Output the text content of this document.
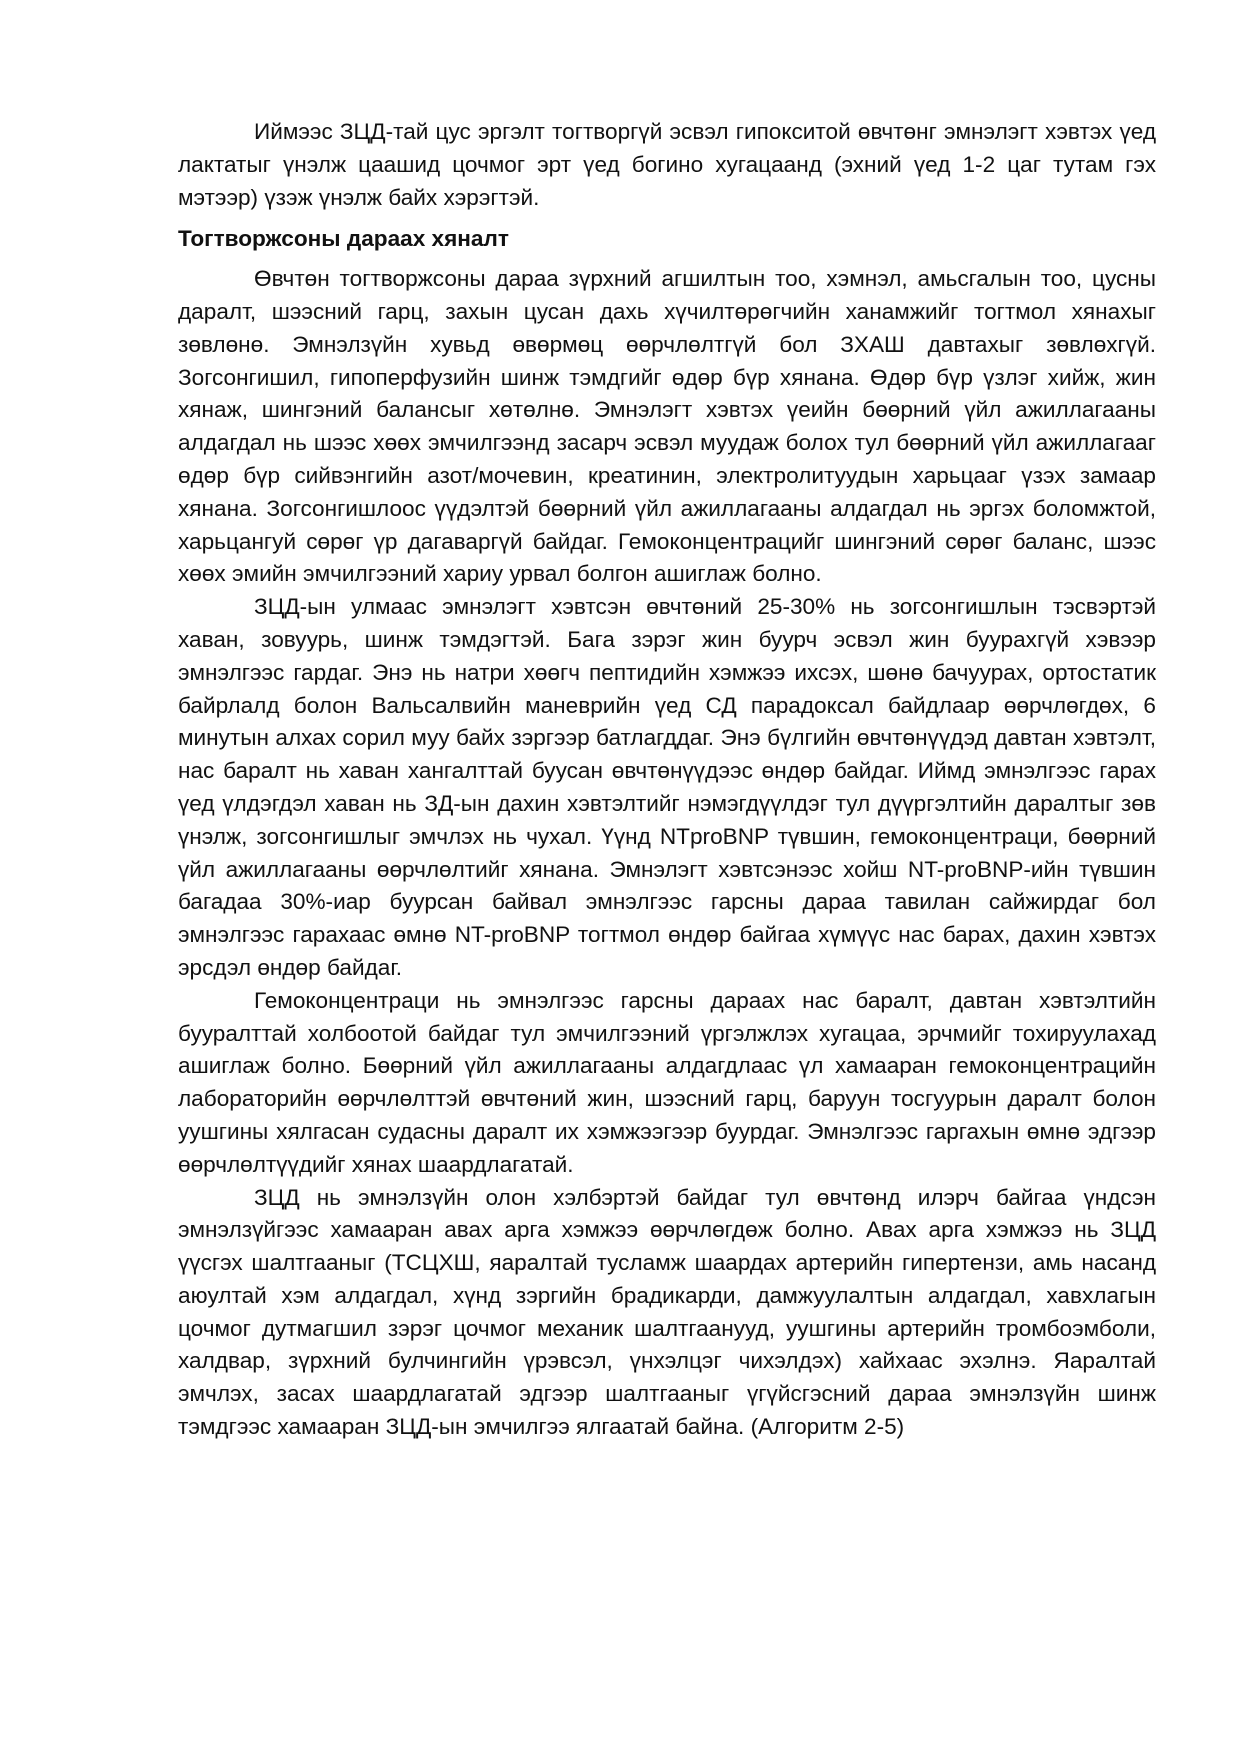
Иймээс ЗЦД-тай цус эргэлт тогтворгүй эсвэл гипокситой өвчтөнг эмнэлэгт хэвтэх үед лактатыг үнэлж цаашид цочмог эрт үед богино хугацаанд (эхний үед 1-2 цаг тутам гэх мэтээр) үзэж үнэлж байх хэрэгтэй.

Тогтворжсоны дараах хяналт

Өвчтөн тогтворжсоны дараа зүрхний агшилтын тоо, хэмнэл, амьсгалын тоо, цусны даралт, шээсний гарц, захын цусан дахь хүчилтөрөгчийн ханамжийг тогтмол хянахыг зөвлөнө. Эмнэлзүйн хувьд өвөрмөц өөрчлөлтгүй бол ЗХАШ давтахыг зөвлөхгүй. Зогсонгишил, гипоперфузийн шинж тэмдгийг өдөр бүр хянана. Өдөр бүр үзлэг хийж, жин хянаж, шингэний балансыг хөтөлнө. Эмнэлэгт хэвтэх үеийн бөөрний үйл ажиллагааны алдагдал нь шээс хөөх эмчилгээнд засарч эсвэл муудаж болох тул бөөрний үйл ажиллагааг өдөр бүр сийвэнгийн азот/мочевин, креатинин, электролитуудын харьцааг үзэх замаар хянана. Зогсонгишлоос үүдэлтэй бөөрний үйл ажиллагааны алдагдал нь эргэх боломжтой, харьцангуй сөрөг үр дагаваргүй байдаг. Гемоконцентрацийг шингэний сөрөг баланс, шээс хөөх эмийн эмчилгээний хариу урвал болгон ашиглаж болно.

ЗЦД-ын улмаас эмнэлэгт хэвтсэн өвчтөний 25-30% нь зогсонгишлын тэсвэртэй хаван, зовуурь, шинж тэмдэгтэй. Бага зэрэг жин буурч эсвэл жин буурахгүй хэвээр эмнэлгээс гардаг. Энэ нь натри хөөгч пептидийн хэмжээ ихсэх, шөнө бачуурах, ортостатик байрлалд болон Вальсалвийн маневрийн үед СД парадоксал байдлаар өөрчлөгдөх, 6 минутын алхах сорил муу байх зэргээр батлагддаг. Энэ бүлгийн өвчтөнүүдэд давтан хэвтэлт, нас баралт нь хаван хангалттай буусан өвчтөнүүдээс өндөр байдаг. Иймд эмнэлгээс гарах үед үлдэгдэл хаван нь ЗД-ын дахин хэвтэлтийг нэмэгдүүлдэг тул дүүргэлтийн даралтыг зөв үнэлж, зогсонгишлыг эмчлэх нь чухал. Үүнд NTproBNP түвшин, гемоконцентраци, бөөрний үйл ажиллагааны өөрчлөлтийг хянана. Эмнэлэгт хэвтсэнээс хойш NT-proBNP-ийн түвшин багадаа 30%-иар буурсан байвал эмнэлгээс гарсны дараа тавилан сайжирдаг бол эмнэлгээс гарахаас өмнө NT-proBNP тогтмол өндөр байгаа хүмүүс нас барах, дахин хэвтэх эрсдэл өндөр байдаг.

Гемоконцентраци нь эмнэлгээс гарсны дараах нас баралт, давтан хэвтэлтийн бууралттай холбоотой байдаг тул эмчилгээний үргэлжлэх хугацаа, эрчмийг тохируулахад ашиглаж болно. Бөөрний үйл ажиллагааны алдагдлаас үл хамааран гемоконцентрацийн лабораторийн өөрчлөлттэй өвчтөний жин, шээсний гарц, баруун тосгуурын даралт болон уушгины хялгасан судасны даралт их хэмжээгээр буурдаг. Эмнэлгээс гаргахын өмнө эдгээр өөрчлөлтүүдийг хянах шаардлагатай.

ЗЦД нь эмнэлзүйн олон хэлбэртэй байдаг тул өвчтөнд илэрч байгаа үндсэн эмнэлзүйгээс хамааран авах арга хэмжээ өөрчлөгдөж болно. Авах арга хэмжээ нь ЗЦД үүсгэх шалтгааныг (ТСЦХШ, яаралтай тусламж шаардах артерийн гипертензи, амь насанд аюултай хэм алдагдал, хүнд зэргийн брадикарди, дамжуулалтын алдагдал, хавхлагын цочмог дутмагшил зэрэг цочмог механик шалтгаанууд, уушгины артерийн тромбоэмболи, халдвар, зүрхний булчингийн үрэвсэл, үнхэлцэг чихэлдэх) хайхаас эхэлнэ. Яаралтай эмчлэх, засах шаардлагатай эдгээр шалтгааныг үгүйсгэсний дараа эмнэлзүйн шинж тэмдгээс хамааран ЗЦД-ын эмчилгээ ялгаатай байна. (Алгоритм 2-5)
